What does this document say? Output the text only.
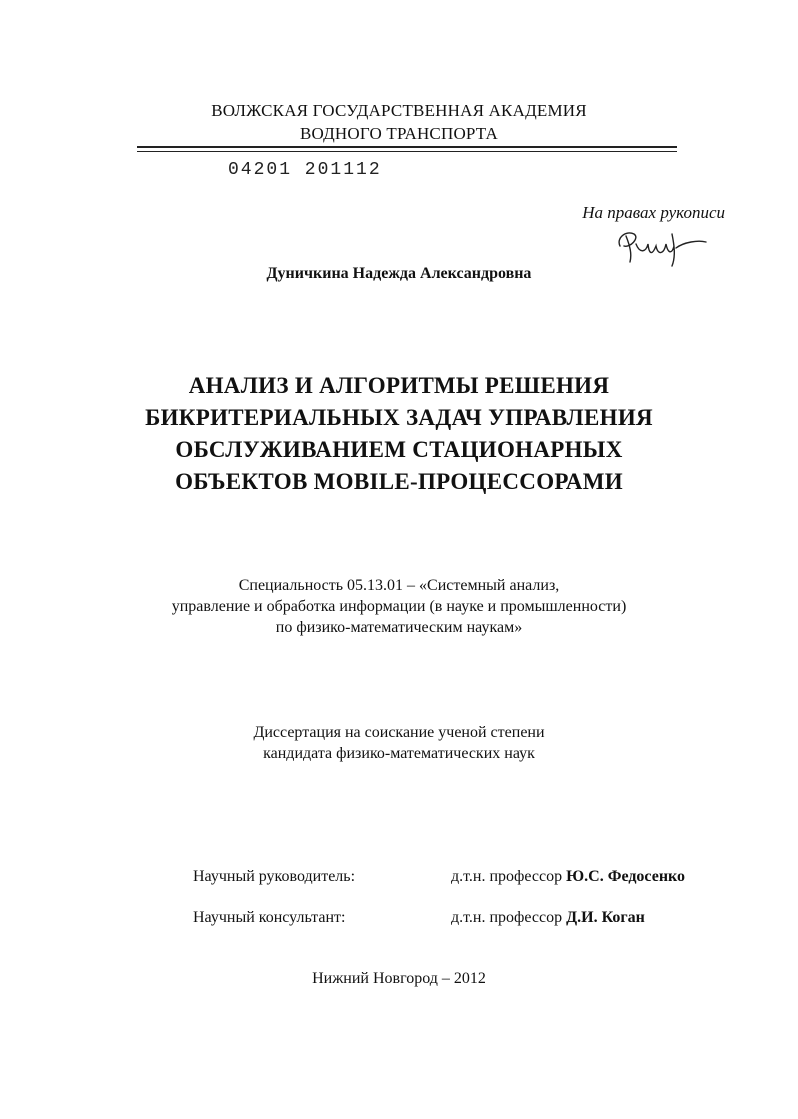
ВОЛЖСКАЯ ГОСУДАРСТВЕННАЯ АКАДЕМИЯ
ВОДНОГО ТРАНСПОРТА
04201 201112
На правах рукописи
Дуничкина Надежда Александровна
АНАЛИЗ И АЛГОРИТМЫ РЕШЕНИЯ
БИКРИТЕРИАЛЬНЫХ ЗАДАЧ УПРАВЛЕНИЯ
ОБСЛУЖИВАНИЕМ СТАЦИОНАРНЫХ
ОБЪЕКТОВ MOBILE-ПРОЦЕССОРАМИ
Специальность 05.13.01 – «Системный анализ,
управление и обработка информации (в науке и промышленности)
по физико-математическим наукам»
Диссертация на соискание ученой степени
кандидата физико-математических наук
Научный руководитель:	д.т.н. профессор Ю.С. Федосенко
Научный консультант:	д.т.н. профессор Д.И. Коган
Нижний Новгород – 2012
